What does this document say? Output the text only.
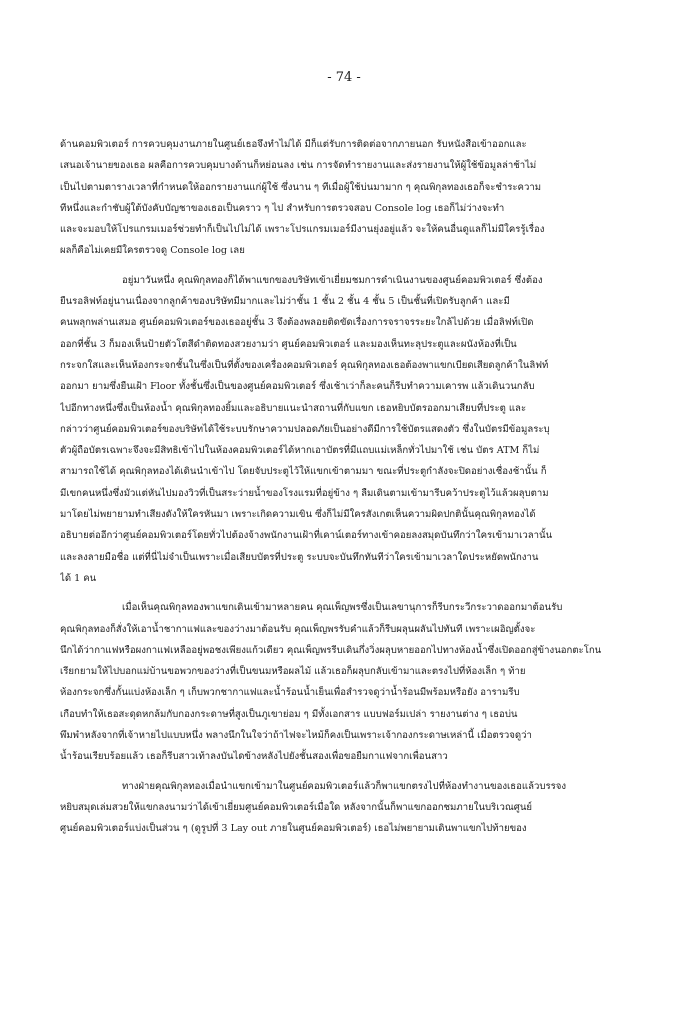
- 74 -
ด้านคอมพิวเตอร์ การควบคุมงานภายในศูนย์เธอจึงทำไม่ได้ มีก็แต่รับการติดต่อจากภายนอก รับหนังสือเข้าออกและ
เสนอเจ้านายของเธอ ผลคือการควบคุมบางด้านก็หย่อนลง เช่น การจัดทำรายงานและส่งรายงานให้ผู้ใช้ข้อมูลล่าช้าไม่
เป็นไปตามตารางเวลาที่กำหนดให้ออกรายงานแก่ผู้ใช้ ซึ่งนาน ๆ ทีเมื่อผู้ใช้บ่นมามาก ๆ คุณพิกุลทองเธอก็จะชำระความ
ทีหนึ่งและกำชับผู้ใต้บังคับบัญชาของเธอเป็นคราว ๆ ไป สำหรับการตรวจสอบ Console log เธอก็ไม่ว่างจะทำ
และจะมอบให้โปรแกรมเมอร์ช่วยทำก็เป็นไปไม่ได้ เพราะโปรแกรมเมอร์มีงานยุ่งอยู่แล้ว จะให้คนอื่นดูแลก็ไม่มีใครรู้เรื่อง
ผลก็คือไม่เคยมีใครตรวจดู Console log เลย
อยู่มาวันหนึ่ง คุณพิกุลทองก็ได้พาแขกของบริษัทเข้าเยี่ยมชมการดำเนินงานของศูนย์คอมพิวเตอร์ ซึ่งต้อง
ยืนรอลิฟท์อยู่นานเนื่องจากลูกค้าของบริษัทมีมากและไม่ว่าชั้น 1 ชั้น 2 ชั้น 4 ชั้น 5 เป็นชั้นที่เปิดรับลูกค้า และมี
คนพลุกพล่านเสมอ ศูนย์คอมพิวเตอร์ของเธออยู่ชั้น 3 จึงต้องพลอยติดขัดเรื่องการจราจรระยะใกล้ไปด้วย เมื่อลิฟท์เปิด
ออกที่ชั้น 3 ก็มองเห็นป้ายตัวโตสีดำติดทองสวยงามว่า ศูนย์คอมพิวเตอร์ และมองเห็นทะลุประตูและผนังห้องที่เป็น
กระจกใสและเห็นห้องกระจกชั้นในซึ่งเป็นที่ตั้งของเครื่องคอมพิวเตอร์ คุณพิกุลทองเธอต้องพาแขกเบียดเสียดลูกค้าในลิฟท์
ออกมา ยามซึ่งยืนเฝ้า Floor ทั้งชั้นซึ่งเป็นของศูนย์คอมพิวเตอร์ ซึ่งเช้าเว่าก็ละคนก็รีบทำความเคารพ แล้วเดินวนกลับ
ไปอีกทางหนึ่งซึ่งเป็นห้องน้ำ คุณพิกุลทองยิ้มและอธิบายแนะนำสถานที่กับแขก เธอหยิบบัตรออกมาเสียบที่ประตู และ
กล่าวว่าศูนย์คอมพิวเตอร์ของบริษัทได้ใช้ระบบรักษาความปลอดภัยเป็นอย่างดีมีการใช้บัตรแสดงตัว ซึ่งในบัตรมีข้อมูลระบุ
ตัวผู้ถือบัตรเฉพาะจึงจะมีสิทธิเข้าไปในห้องคอมพิวเตอร์ได้หากเอาบัตรที่มีแถบแม่เหล็กทั่วไปมาใช้ เช่น บัตร ATM ก็ไม่
สามารถใช้ได้ คุณพิกุลทองได้เดินนำเข้าไป โดยจับประตูไว้ให้แขกเข้าตามมา ขณะที่ประตูกำลังจะปิดอย่างเชื่องช้านั้น ก็
มีเขกคนหนึ่งซึ่งมัวแต่หันไปมองวิวที่เป็นสระว่ายน้ำของโรงแรมที่อยู่ข้าง ๆ ลืมเดินตามเข้ามารีบคว้าประตูไว้แล้วผลุบตาม
มาโดยไม่พยายามทำเสียงดังให้ใครหันมา เพราะเกิดความเขิน ซึ่งก็ไม่มีใครสังเกตเห็นความผิดปกตินั้นคุณพิกุลทองได้
อธิบายต่ออีกว่าศูนย์คอมพิวเตอร์โดยทั่วไปต้องจ้างพนักงานเฝ้าที่เคาน์เตอร์ทางเข้าคอยลงสมุดบันทึกว่าใครเข้ามาเวลานั้น
และลงลายมือชื่อ แต่ที่นี่ไม่จำเป็นเพราะเมื่อเสียบบัตรที่ประตู ระบบจะบันทึกทันทีว่าใครเข้ามาเวลาใดประหยัดพนักงาน
ได้ 1 คน
เมื่อเห็นคุณพิกุลทองพาแขกเดินเข้ามาหลายคน คุณเพ็ญพรซึ่งเป็นเลขานุการก็รีบกระวีกระวาดออกมาต้อนรับ
คุณพิกุลทองก็สั่งให้เอาน้ำชากาแฟและของว่างมาต้อนรับ คุณเพ็ญพรรับคำแล้วก็รีบผลุนผลันไปทันที เพราะเผอิญตั้งจะ
นึกได้ว่ากาแฟหรือผงกาแฟเหลืออยู่พอชงเพียงแก้วเดียว คุณเพ็ญพรรีบเดินกึ่งวิ่งผลุบหายออกไปทางห้องน้ำซึ่งเปิดออกสู่ข้างนอกตะโกน
เรียกยามให้ไปบอกแม่บ้านขอพวกของว่างที่เป็นขนมหรือผลไม้ แล้วเธอก็ผลุบกลับเข้ามาและตรงไปที่ห้องเล็ก ๆ ท้าย
ห้องกระจกซึ่งกั้นแบ่งห้องเล็ก ๆ เก็บพวกชากาแฟและน้ำร้อนน้ำเย็นเพื่อสำรวจดูว่าน้ำร้อนมีพร้อมหรือยัง อารามรีบ
เกือบทำให้เธอสะดุดหกล้มกับกองกระดาษที่สูงเป็นภูเขาย่อม ๆ มีทั้งเอกสาร แบบฟอร์มเปล่า รายงานต่าง ๆ เธอบ่น
พึมพำหลังจากที่เจ้าหายไปแบบหนึ่ง พลางนึกในใจว่าถ้าไฟจะไหม้ก็คงเป็นเพราะเจ้ากองกระดาษเหล่านี้ เมื่อตรวจดูว่า
น้ำร้อนเรียบร้อยแล้ว เธอก็รีบสาวเท้าลงบันไดข้างหลังไปยังชั้นสองเพื่อขอยืมกาแฟจากเพื่อนสาว
ทางฝ่ายคุณพิกุลทองเมื่อนำแขกเข้ามาในศูนย์คอมพิวเตอร์แล้วก็พาแขกตรงไปที่ห้องทำงานของเธอแล้วบรรจง
หยิบสมุดเล่มสวยให้แขกลงนามว่าได้เข้าเยี่ยมศูนย์คอมพิวเตอร์เมื่อใด หลังจากนั้นก็พาแขกออกชมภายในบริเวณศูนย์
ศูนย์คอมพิวเตอร์แบ่งเป็นส่วน ๆ (ดูรูปที่ 3 Lay out ภายในศูนย์คอมพิวเตอร์) เธอไม่พยายามเดินพาแขกไปท้ายของ
